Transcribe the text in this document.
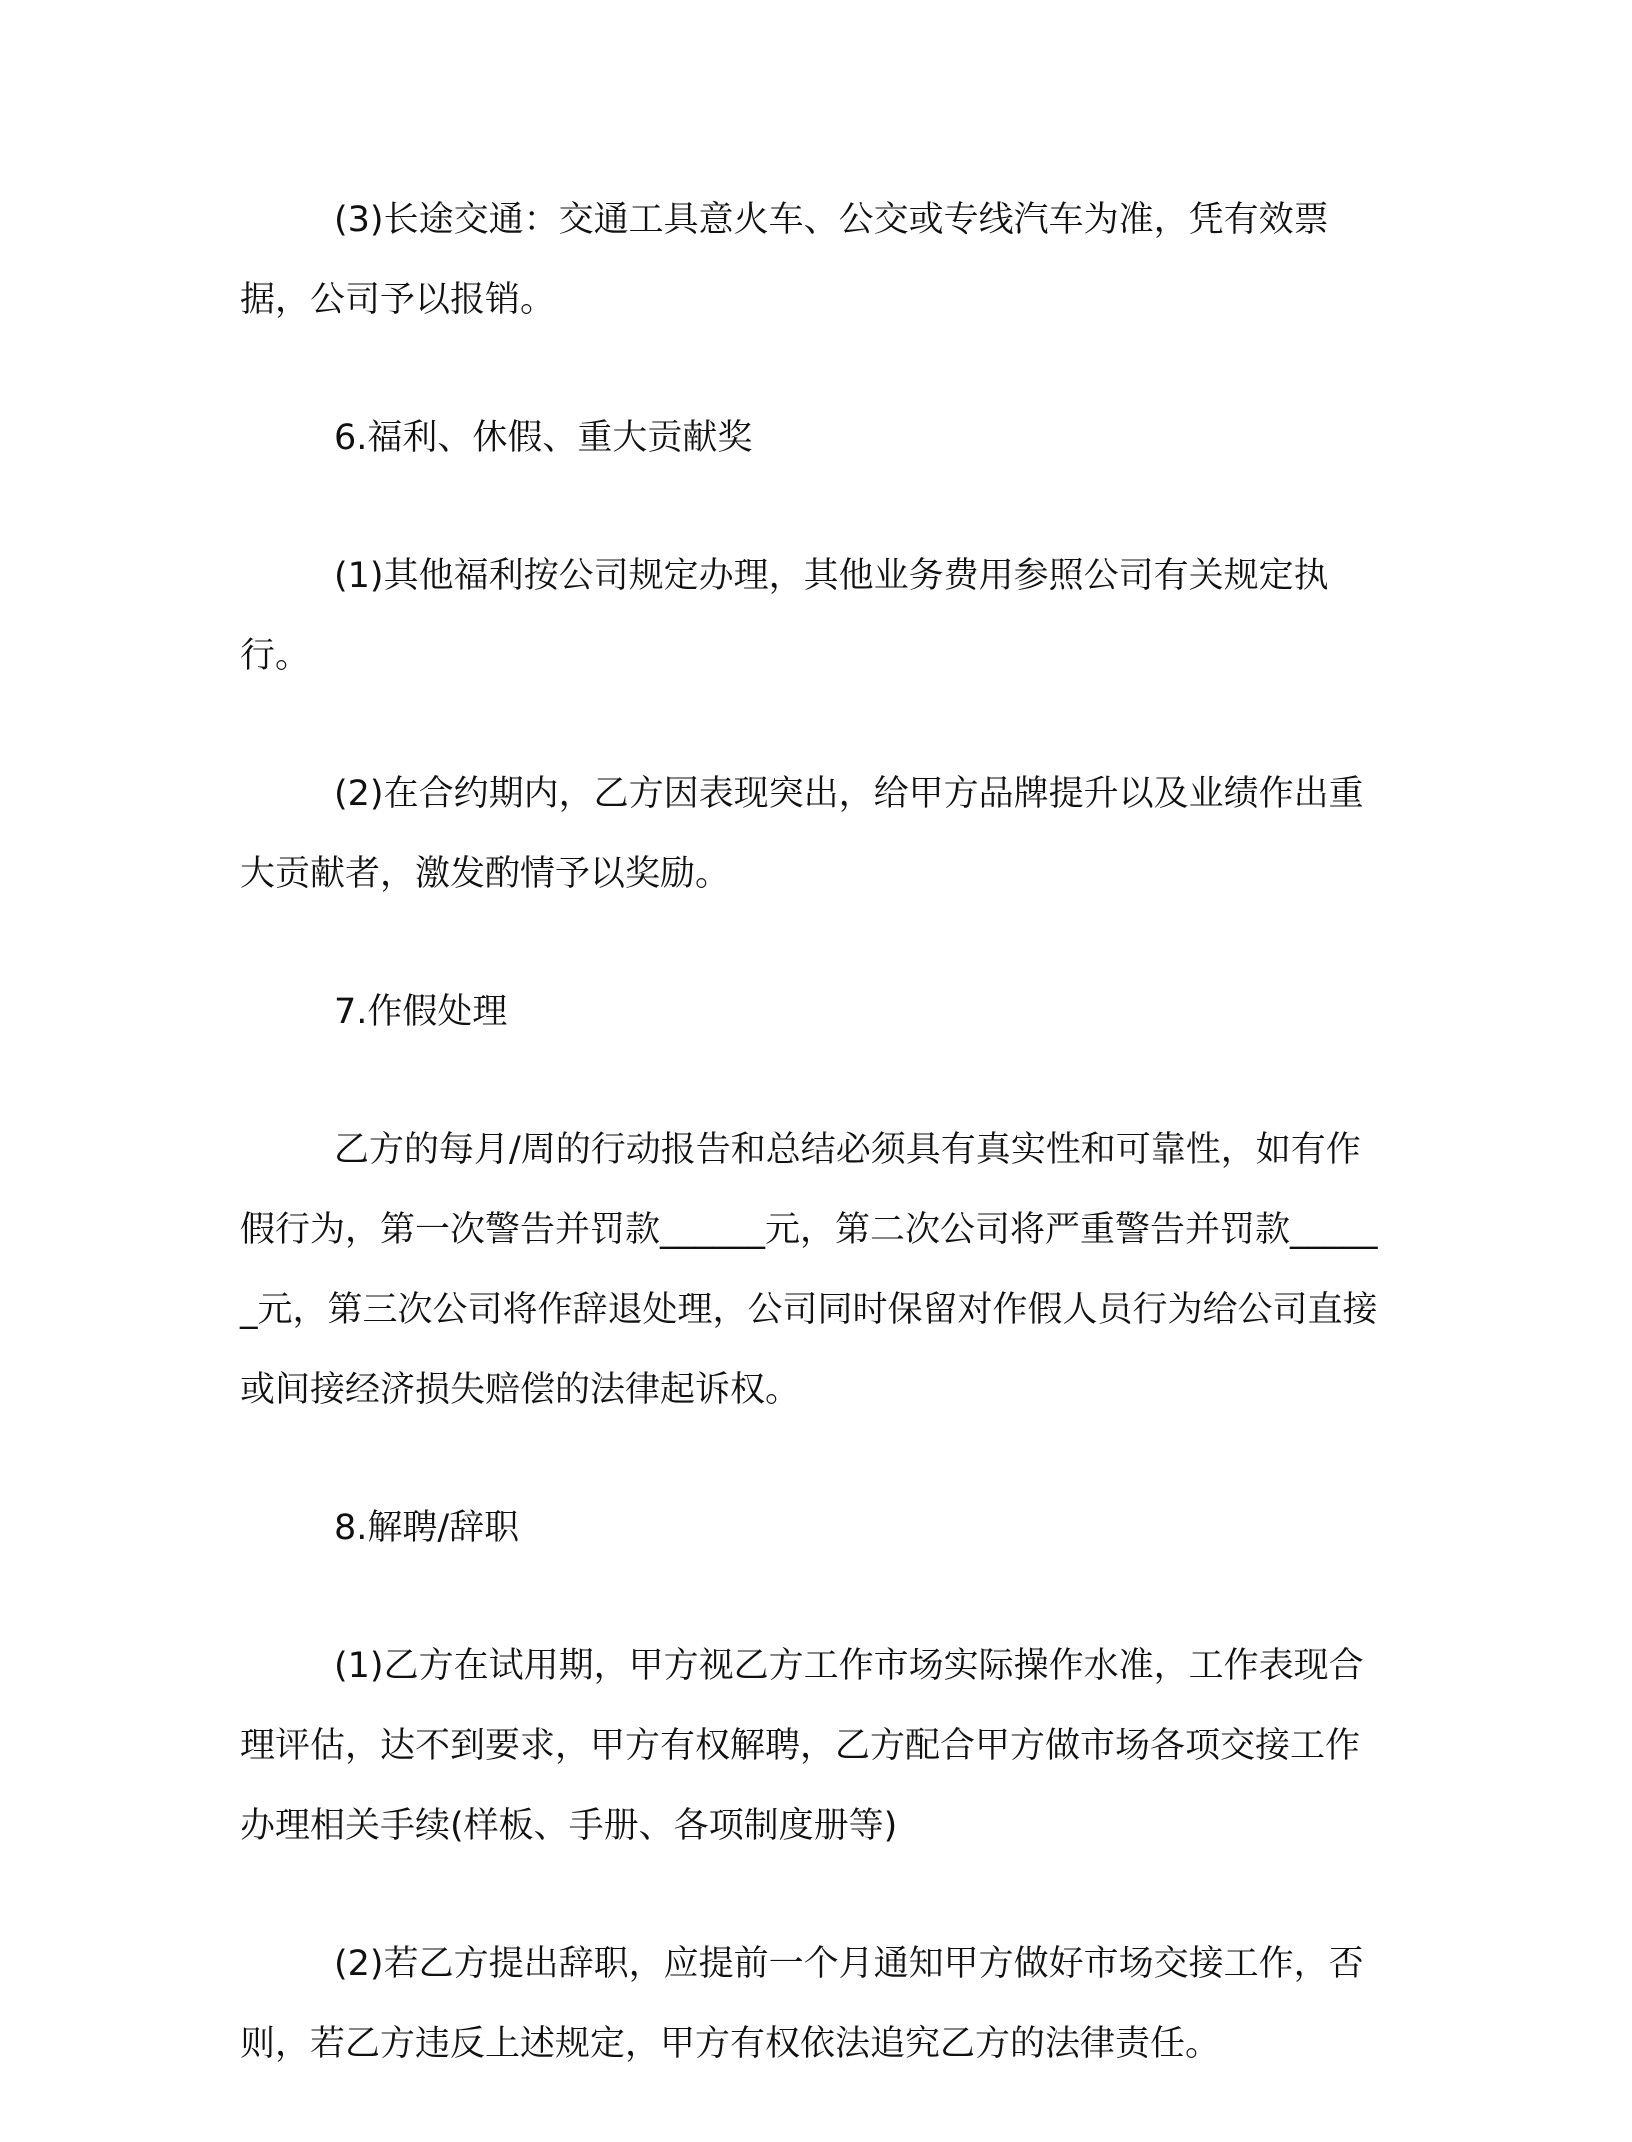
(3)长途交通：交通工具意火车、公交或专线汽车为准，凭有效票据，公司予以报销。

6.福利、休假、重大贡献奖

(1)其他福利按公司规定办理，其他业务费用参照公司有关规定执行。

(2)在合约期内，乙方因表现突出，给甲方品牌提升以及业绩作出重大贡献者，激发酌情予以奖励。

7.作假处理

乙方的每月/周的行动报告和总结必须具有真实性和可靠性，如有作假行为，第一次警告并罚款______元，第二次公司将严重警告并罚款______元，第三次公司将作辞退处理，公司同时保留对作假人员行为给公司直接或间接经济损失赔偿的法律起诉权。

8.解聘/辞职

(1)乙方在试用期，甲方视乙方工作市场实际操作水准，工作表现合理评估，达不到要求，甲方有权解聘，乙方配合甲方做市场各项交接工作办理相关手续(样板、手册、各项制度册等)

(2)若乙方提出辞职，应提前一个月通知甲方做好市场交接工作，否则，若乙方违反上述规定，甲方有权依法追究乙方的法律责任。
